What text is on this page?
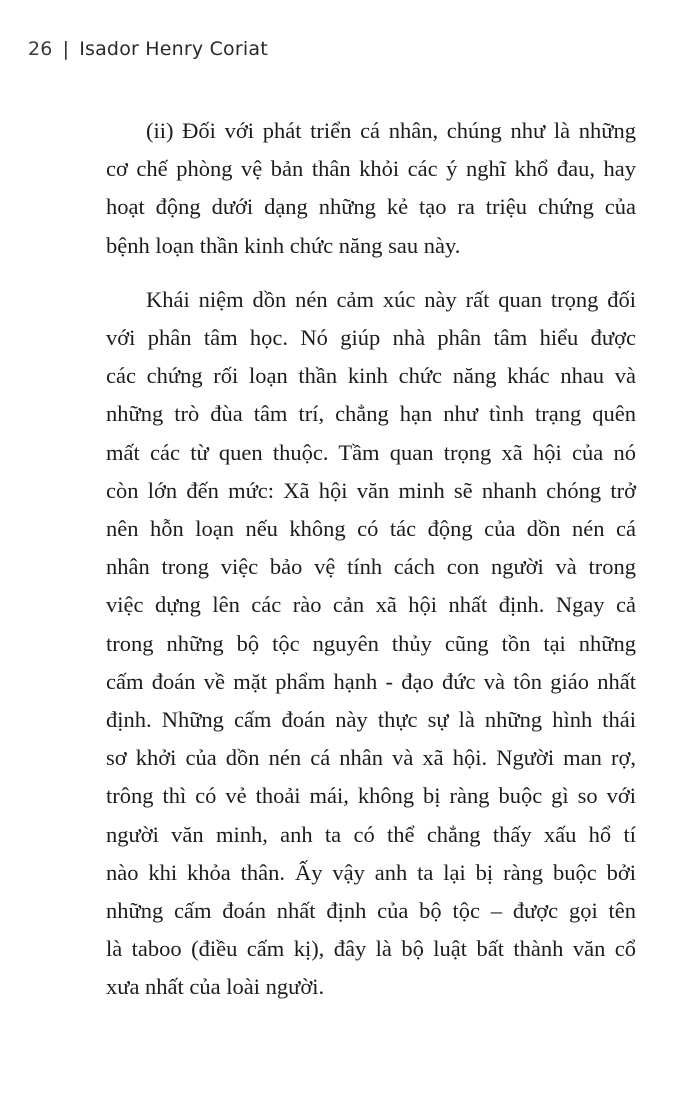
26 | Isador Henry Coriat
(ii) Đối với phát triển cá nhân, chúng như là những
cơ chế phòng vệ bản thân khỏi các ý nghĩ khổ đau, hay
hoạt động dưới dạng những kẻ tạo ra triệu chứng của
bệnh loạn thần kinh chức năng sau này.
Khái niệm dồn nén cảm xúc này rất quan trọng đối
với phân tâm học. Nó giúp nhà phân tâm hiểu được
các chứng rối loạn thần kinh chức năng khác nhau và
những trò đùa tâm trí, chẳng hạn như tình trạng quên
mất các từ quen thuộc. Tầm quan trọng xã hội của nó
còn lớn đến mức: Xã hội văn minh sẽ nhanh chóng trở
nên hỗn loạn nếu không có tác động của dồn nén cá
nhân trong việc bảo vệ tính cách con người và trong
việc dựng lên các rào cản xã hội nhất định. Ngay cả
trong những bộ tộc nguyên thủy cũng tồn tại những
cấm đoán về mặt phẩm hạnh - đạo đức và tôn giáo nhất
định. Những cấm đoán này thực sự là những hình thái
sơ khởi của dồn nén cá nhân và xã hội. Người man rợ,
trông thì có vẻ thoải mái, không bị ràng buộc gì so với
người văn minh, anh ta có thể chẳng thấy xấu hổ tí
nào khi khỏa thân. Ấy vậy anh ta lại bị ràng buộc bởi
những cấm đoán nhất định của bộ tộc – được gọi tên
là taboo (điều cấm kị), đây là bộ luật bất thành văn cổ
xưa nhất của loài người.
